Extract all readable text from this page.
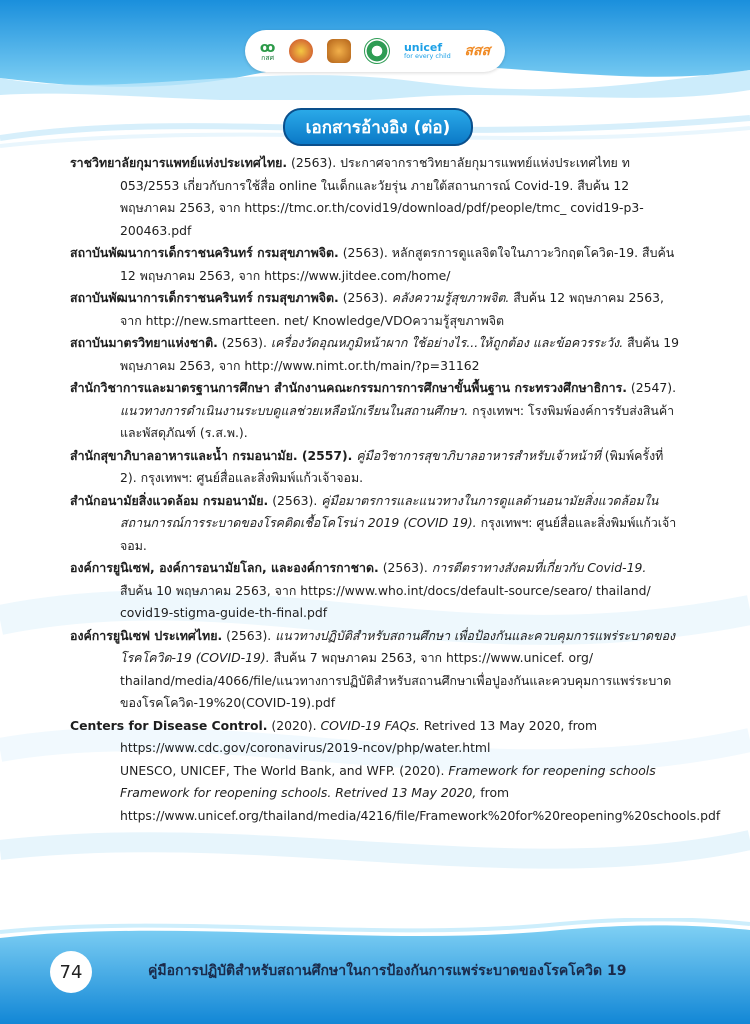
ꝏ
กสศ
unicef
for every child สสส
เอกสารอ้างอิง (ต่อ)
ราชวิทยาลัยกุมารแพทย์แห่งประเทศไทย. (2563). ประกาศจากราชวิทยาลัยกุมารแพทย์แห่งประเทศไทย ท 053/2553 เกี่ยวกับการใช้สื่อ online ในเด็กและวัยรุ่น ภายใต้สถานการณ์ Covid-19. สืบค้น 12 พฤษภาคม 2563, จาก https://tmc.or.th/covid19/download/pdf/people/tmc_ covid19-p3-200463.pdf
สถาบันพัฒนาการเด็กราชนครินทร์ กรมสุขภาพจิต. (2563). หลักสูตรการดูแลจิตใจในภาวะวิกฤตโควิด-19. สืบค้น 12 พฤษภาคม 2563, จาก https://www.jitdee.com/home/
สถาบันพัฒนาการเด็กราชนครินทร์ กรมสุขภาพจิต. (2563). คลังความรู้สุขภาพจิต. สืบค้น 12 พฤษภาคม 2563, จาก http://new.smartteen. net/ Knowledge/VDOความรู้สุขภาพจิต
สถาบันมาตรวิทยาแห่งชาติ. (2563). เครื่องวัดอุณหภูมิหน้าผาก ใช้อย่างไร...ให้ถูกต้อง และข้อควรระวัง. สืบค้น 19 พฤษภาคม 2563, จาก http://www.nimt.or.th/main/?p=31162
สำนักวิชาการและมาตรฐานการศึกษา สำนักงานคณะกรรมการการศึกษาขั้นพื้นฐาน กระทรวงศึกษาธิการ. (2547). แนวทางการดำเนินงานระบบดูแลช่วยเหลือนักเรียนในสถานศึกษา. กรุงเทพฯ: โรงพิมพ์องค์การรับส่งสินค้าและพัสดุภัณฑ์ (ร.ส.พ.).
สำนักสุขาภิบาลอาหารและน้ำ กรมอนามัย. (2557). คู่มือวิชาการสุขาภิบาลอาหารสำหรับเจ้าหน้าที่ (พิมพ์ครั้งที่ 2). กรุงเทพฯ: ศูนย์สื่อและสิ่งพิมพ์แก้วเจ้าจอม.
สำนักอนามัยสิ่งแวดล้อม กรมอนามัย. (2563). คู่มือมาตรการและแนวทางในการดูแลด้านอนามัยสิ่งแวดล้อมในสถานการณ์การระบาดของโรคติดเชื้อโคโรน่า 2019 (COVID 19). กรุงเทพฯ: ศูนย์สื่อและสิ่งพิมพ์แก้วเจ้าจอม.
องค์การยูนิเซฟ, องค์การอนามัยโลก, และองค์การกาชาด. (2563). การตีตราทางสังคมที่เกี่ยวกับ Covid-19. สืบค้น 10 พฤษภาคม 2563, จาก https://www.who.int/docs/default-source/searo/ thailand/ covid19-stigma-guide-th-final.pdf
องค์การยูนิเซฟ ประเทศไทย. (2563). แนวทางปฏิบัติสำหรับสถานศึกษา เพื่อป้องกันและควบคุมการแพร่ระบาดของโรคโควิด-19 (COVID-19). สืบค้น 7 พฤษภาคม 2563, จาก https://www.unicef. org/ thailand/media/4066/file/แนวทางการปฏิบัติสำหรับสถานศึกษาเพื่อปูองกันและควบคุมการแพร่ระบาดของโรคโควิด-19%20(COVID-19).pdf
Centers for Disease Control. (2020). COVID-19 FAQs. Retrived 13 May 2020, from https://www.cdc.gov/coronavirus/2019-ncov/php/water.html
UNESCO, UNICEF, The World Bank, and WFP. (2020). Framework for reopening schools Framework for reopening schools. Retrived 13 May 2020, from https://www.unicef.org/thailand/media/4216/file/Framework%20for%20reopening%20schools.pdf
74	คู่มือการปฏิบัติสำหรับสถานศึกษาในการป้องกันการแพร่ระบาดของโรคโควิด 19
